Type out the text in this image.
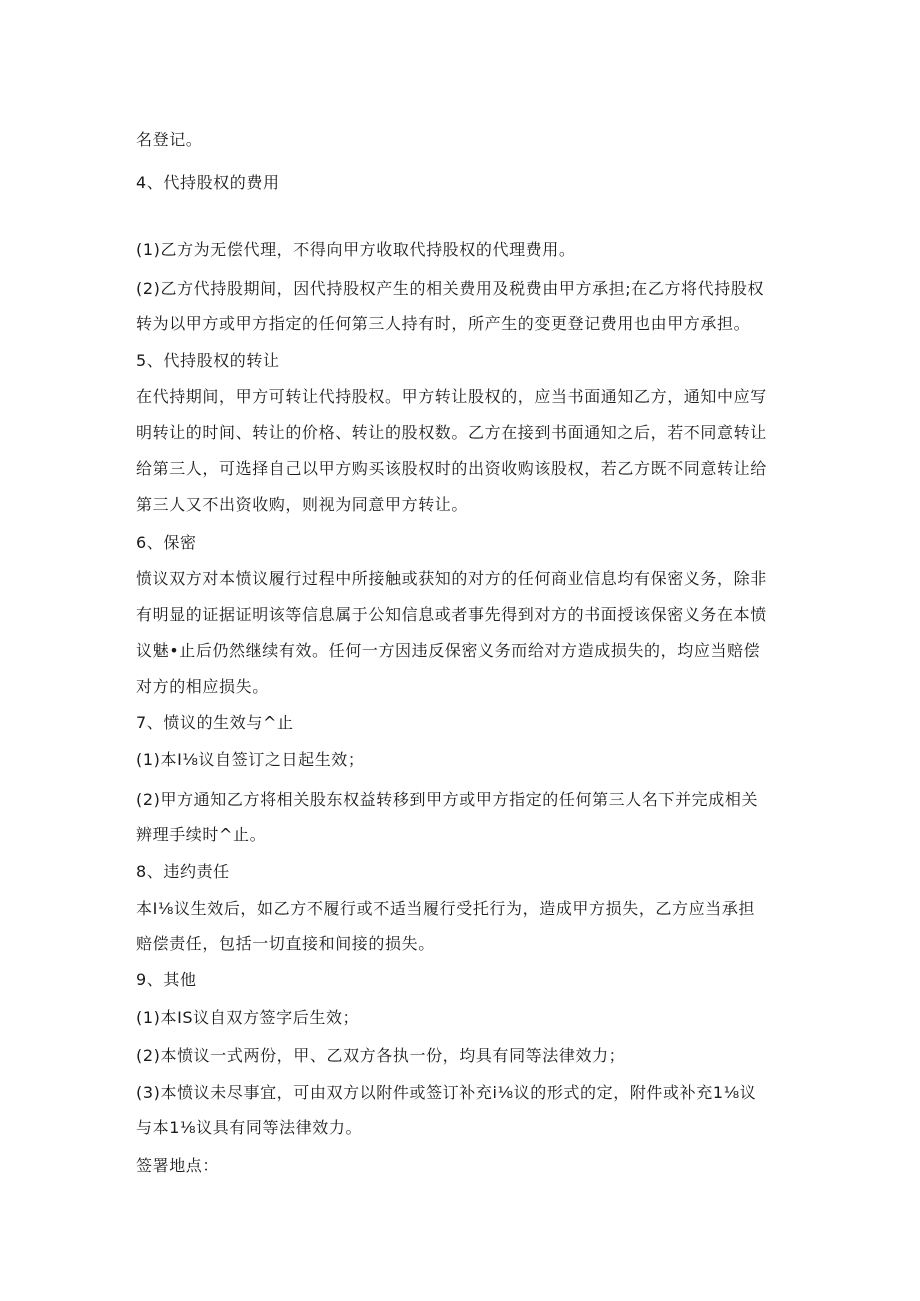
名登记。
4、代持股权的费用
(1)乙方为无偿代理，不得向甲方收取代持股权的代理费用。
(2)乙方代持股期间，因代持股权产生的相关费用及税费由甲方承担;在乙方将代持股权
转为以甲方或甲方指定的任何第三人持有时，所产生的变更登记费用也由甲方承担。
5、代持股权的转让
在代持期间，甲方可转让代持股权。甲方转让股权的，应当书面通知乙方，通知中应写
明转让的时间、转让的价格、转让的股权数。乙方在接到书面通知之后，若不同意转让
给第三人，可选择自己以甲方购买该股权时的出资收购该股权，若乙方既不同意转让给
第三人又不出资收购，则视为同意甲方转让。
6、保密
愤议双方对本愤议履行过程中所接触或获知的对方的任何商业信息均有保密义务，除非
有明显的证据证明该等信息属于公知信息或者事先得到对方的书面授该保密义务在本愤
议魅•止后仍然继续有效。任何一方因违反保密义务而给对方造成损失的，均应当赔偿
对方的相应损失。
7、愤议的生效与^止
(1)本I⅛议自签订之日起生效；
(2)甲方通知乙方将相关股东权益转移到甲方或甲方指定的任何第三人名下并完成相关
辨理手续时^止。
8、违约责任
本I⅛议生效后，如乙方不履行或不适当履行受托行为，造成甲方损失，乙方应当承担
赔偿责任，包括一切直接和间接的损失。
9、其他
(1)本IS议自双方签字后生效；
(2)本愤议一式两份，甲、乙双方各执一份，均具有同等法律效力；
(3)本愤议未尽事宜，可由双方以附件或签订补充i⅛议的形式的定，附件或补充1⅛议
与本1⅛议具有同等法律效力。
签署地点：
